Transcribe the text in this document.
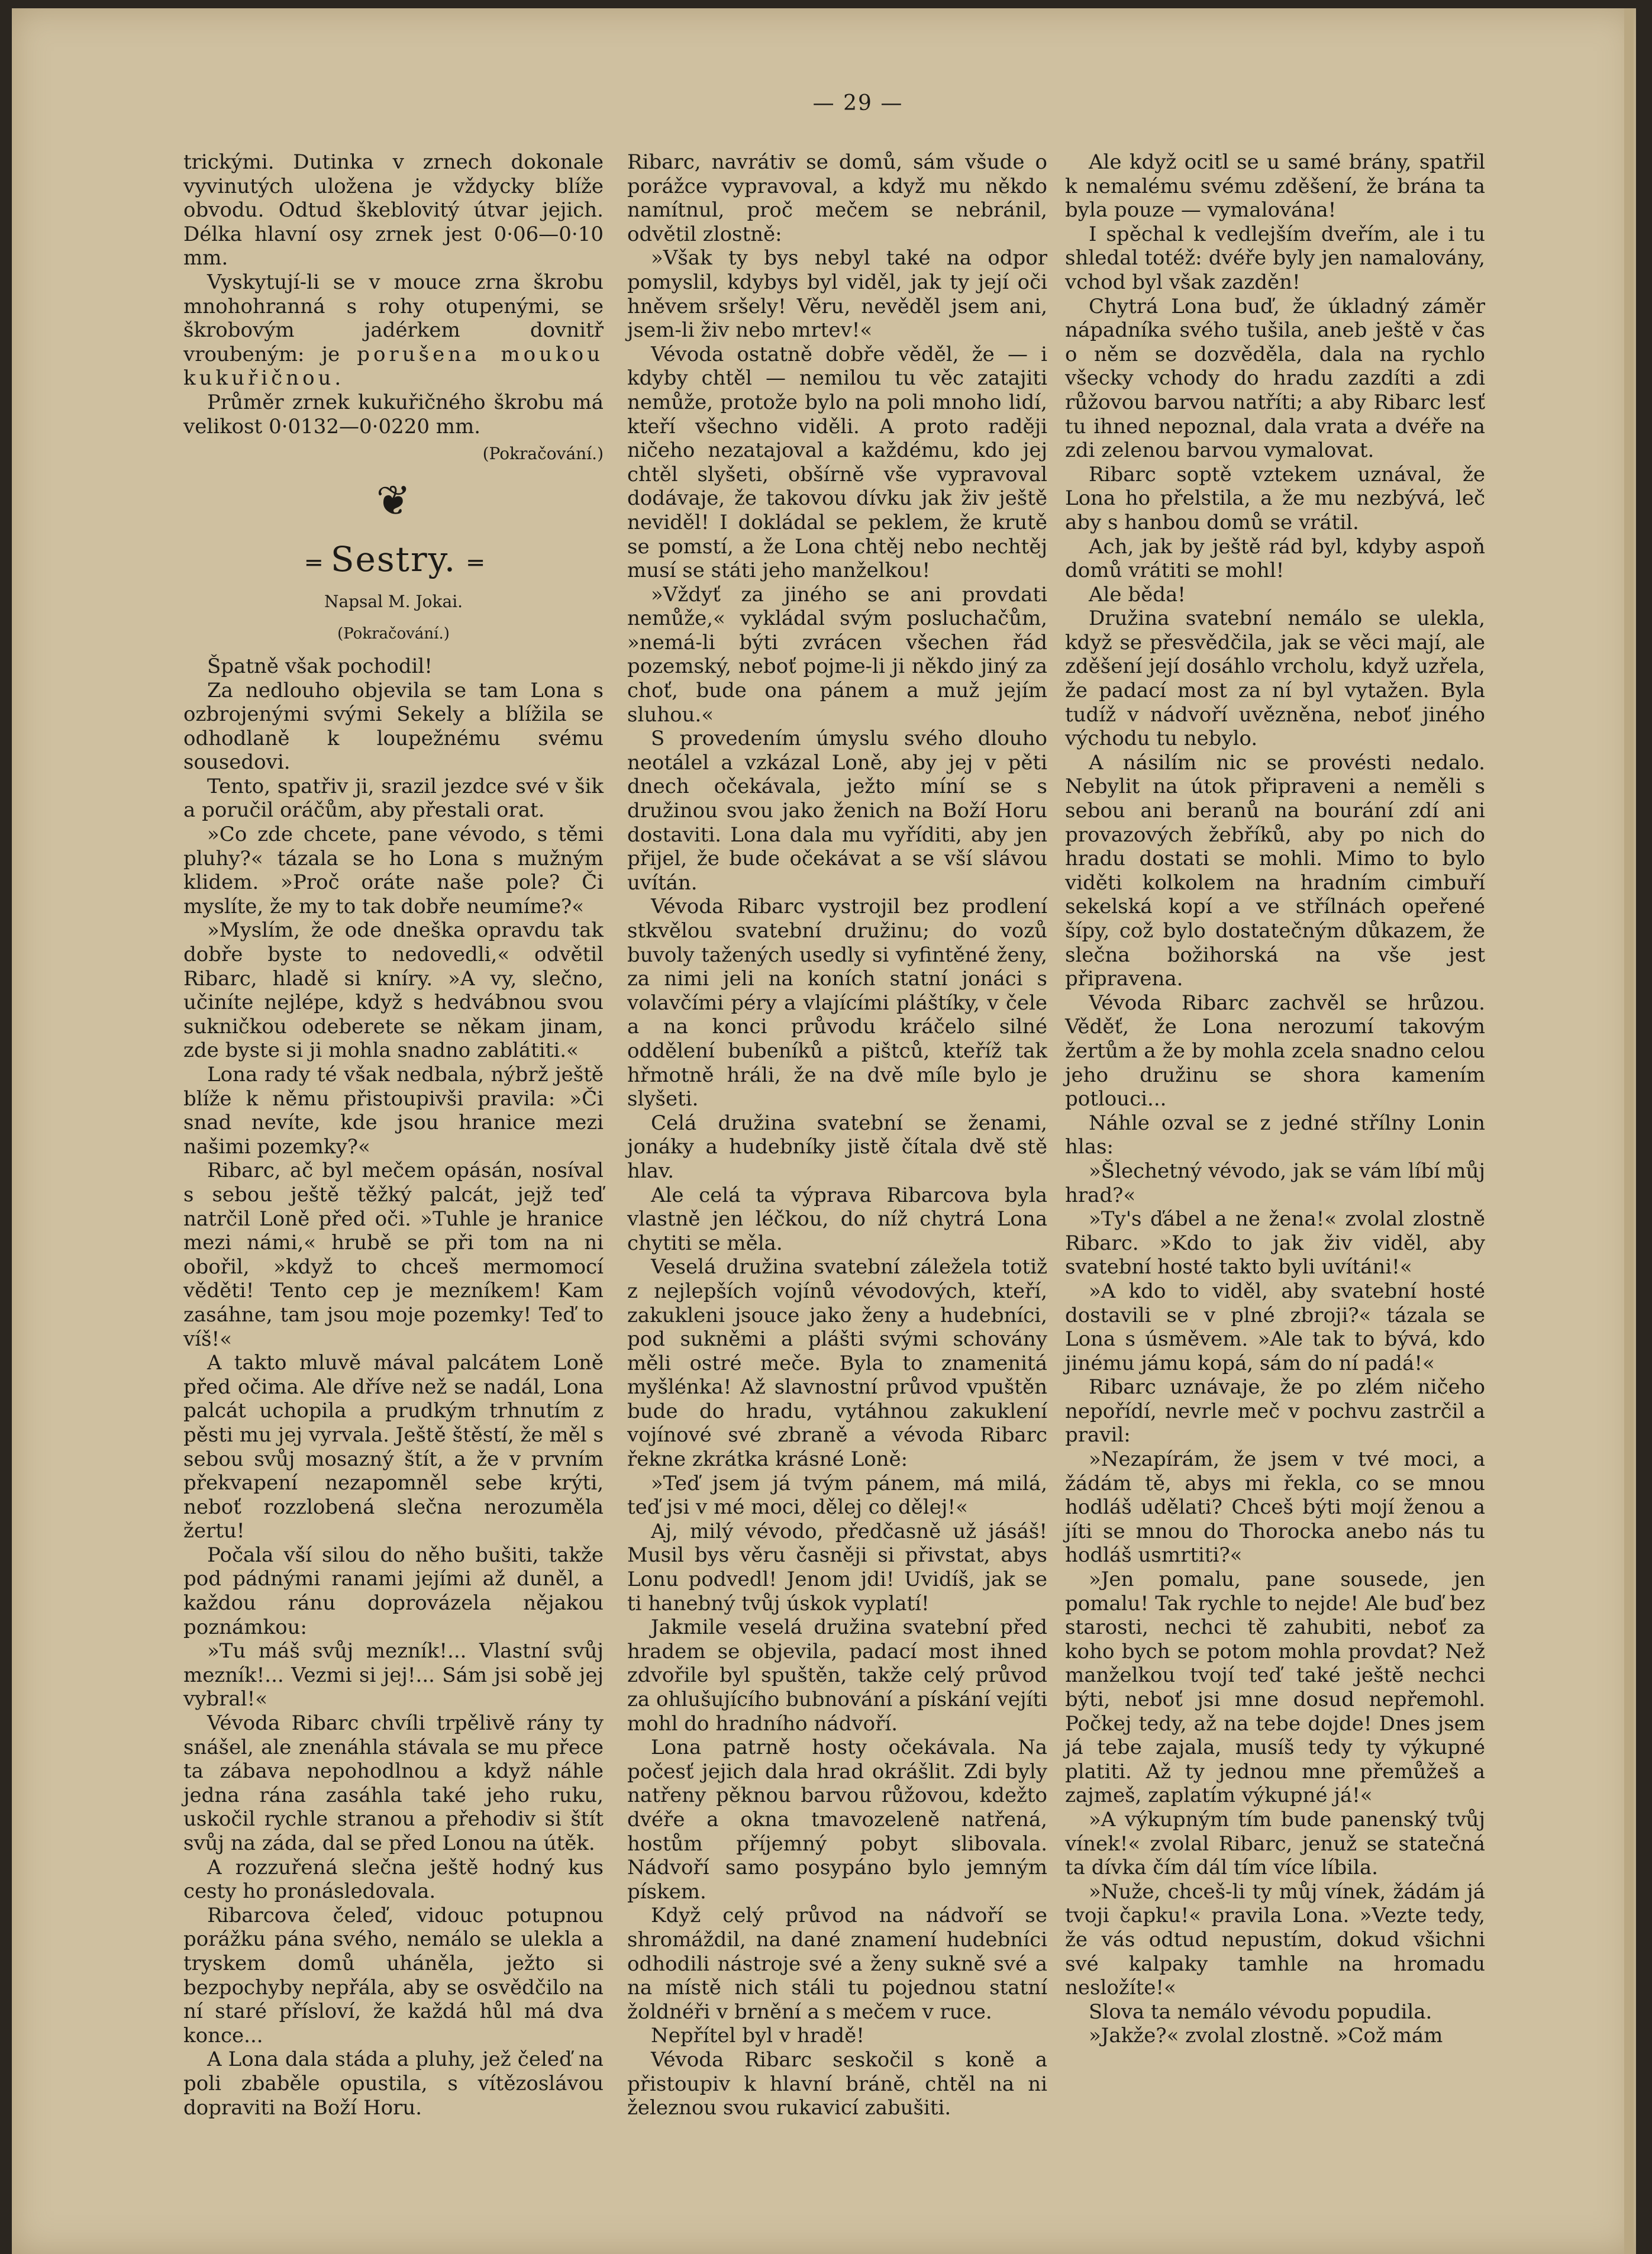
— 29 —

trickými. Dutinka v zrnech dokonale vyvinutých uložena je vždycky blíže obvodu. Odtud škeblovitý útvar jejich. Délka hlavní osy zrnek jest 0·06—0·10 mm.

Vyskytují-li se v mouce zrna škrobu mnohohranná s rohy otupenými, se škrobovým jadérkem dovnitř vroubeným: je porušena moukou kukuřičnou.

Průměr zrnek kukuřičného škrobu má velikost 0·0132—0·0220 mm.

(Pokračování.)
❦
═ Sestry. ═
Napsal M. Jokai.
(Pokračování.)

Špatně však pochodil!

Za nedlouho objevila se tam Lona s ozbrojenými svými Sekely a blížila se odhodlaně k loupežnému svému sousedovi.

Tento, spatřiv ji, srazil jezdce své v šik a poručil oráčům, aby přestali orat.

»Co zde chcete, pane vévodo, s těmi pluhy?« tázala se ho Lona s mužným klidem. »Proč oráte naše pole? Či myslíte, že my to tak dobře neumíme?«

»Myslím, že ode dneška opravdu tak dobře byste to nedovedli,« odvětil Ribarc, hladě si kníry. »A vy, slečno, učiníte nejlépe, když s hedvábnou svou sukničkou odeberete se někam jinam, zde byste si ji mohla snadno zablátiti.«

Lona rady té však nedbala, nýbrž ještě blíže k němu přistoupivši pravila: »Či snad nevíte, kde jsou hranice mezi našimi pozemky?«

Ribarc, ač byl mečem opásán, nosíval s sebou ještě těžký palcát, jejž teď natrčil Loně před oči. »Tuhle je hranice mezi námi,« hrubě se při tom na ni obořil, »když to chceš mermomocí věděti! Tento cep je mezníkem! Kam zasáhne, tam jsou moje pozemky! Teď to víš!«

A takto mluvě mával palcátem Loně před očima. Ale dříve než se nadál, Lona palcát uchopila a prudkým trhnutím z pěsti mu jej vyrvala. Ještě štěstí, že měl s sebou svůj mosazný štít, a že v prvním překvapení nezapomněl sebe krýti, neboť rozzlobená slečna nerozuměla žertu!

Počala vší silou do něho bušiti, takže pod pádnými ranami jejími až duněl, a každou ránu doprovázela nějakou poznámkou:

»Tu máš svůj mezník!... Vlastní svůj mezník!... Vezmi si jej!... Sám jsi sobě jej vybral!«

Vévoda Ribarc chvíli trpělivě rány ty snášel, ale znenáhla stávala se mu přece ta zábava nepohodlnou a když náhle jedna rána zasáhla také jeho ruku, uskočil rychle stranou a přehodiv si štít svůj na záda, dal se před Lonou na útěk.

A rozzuřená slečna ještě hodný kus cesty ho pronásledovala.

Ribarcova čeleď, vidouc potupnou porážku pána svého, nemálo se ulekla a tryskem domů uháněla, ježto si bezpochyby nepřála, aby se osvědčilo na ní staré přísloví, že každá hůl má dva konce...

A Lona dala stáda a pluhy, jež čeleď na poli zbaběle opustila, s vítězoslávou dopraviti na Boží Horu.

Ribarc, navrátiv se domů, sám všude o porážce vypravoval, a když mu někdo namítnul, proč mečem se nebránil, odvětil zlostně:

»Však ty bys nebyl také na odpor pomyslil, kdybys byl viděl, jak ty její oči hněvem sršely! Věru, nevěděl jsem ani, jsem-li živ nebo mrtev!«

Vévoda ostatně dobře věděl, že — i kdyby chtěl — nemilou tu věc zatajiti nemůže, protože bylo na poli mnoho lidí, kteří všechno viděli. A proto raději ničeho nezatajoval a každému, kdo jej chtěl slyšeti, obšírně vše vypravoval dodávaje, že takovou dívku jak živ ještě neviděl! I dokládal se peklem, že krutě se pomstí, a že Lona chtěj nebo nechtěj musí se státi jeho manželkou!

»Vždyť za jiného se ani provdati nemůže,« vykládal svým posluchačům, »nemá-li býti zvrácen všechen řád pozemský, neboť pojme-li ji někdo jiný za choť, bude ona pánem a muž jejím sluhou.«

S provedením úmyslu svého dlouho neotálel a vzkázal Loně, aby jej v pěti dnech očekávala, ježto míní se s družinou svou jako ženich na Boží Horu dostaviti. Lona dala mu vyříditi, aby jen přijel, že bude očekávat a se vší slávou uvítán.

Vévoda Ribarc vystrojil bez prodlení stkvělou svatební družinu; do vozů buvoly tažených usedly si vyfintěné ženy, za nimi jeli na koních statní jonáci s volavčími péry a vlajícími pláštíky, v čele a na konci průvodu kráčelo silné oddělení bubeníků a pištců, kteříž tak hřmotně hráli, že na dvě míle bylo je slyšeti.

Celá družina svatební se ženami, jonáky a hudebníky jistě čítala dvě stě hlav.

Ale celá ta výprava Ribarcova byla vlastně jen léčkou, do níž chytrá Lona chytiti se měla.

Veselá družina svatební záležela totiž z nejlepších vojínů vévodových, kteří, zakukleni jsouce jako ženy a hudebníci, pod sukněmi a plášti svými schovány měli ostré meče. Byla to znamenitá myšlénka! Až slavnostní průvod vpuštěn bude do hradu, vytáhnou zakuklení vojínové své zbraně a vévoda Ribarc řekne zkrátka krásné Loně:

»Teď jsem já tvým pánem, má milá, teď jsi v mé moci, dělej co dělej!«

Aj, milý vévodo, předčasně už jásáš! Musil bys věru časněji si přivstat, abys Lonu podvedl! Jenom jdi! Uvidíš, jak se ti hanebný tvůj úskok vyplatí!

Jakmile veselá družina svatební před hradem se objevila, padací most ihned zdvořile byl spuštěn, takže celý průvod za ohlušujícího bubnování a pískání vejíti mohl do hradního nádvoří.

Lona patrně hosty očekávala. Na počesť jejich dala hrad okrášlit. Zdi byly natřeny pěknou barvou růžovou, kdežto dvéře a okna tmavozeleně natřená, hostům příjemný pobyt slibovala. Nádvoří samo posypáno bylo jemným pískem.

Když celý průvod na nádvoří se shromáždil, na dané znamení hudebníci odhodili nástroje své a ženy sukně své a na místě nich stáli tu pojednou statní žoldnéři v brnění a s mečem v ruce.

Nepřítel byl v hradě!

Vévoda Ribarc seskočil s koně a přistoupiv k hlavní bráně, chtěl na ni železnou svou rukavicí zabušiti.

Ale když ocitl se u samé brány, spatřil k nemalému svému zděšení, že brána ta byla pouze — vymalována!

I spěchal k vedlejším dveřím, ale i tu shledal totéž: dvéře byly jen namalovány, vchod byl však zazděn!

Chytrá Lona buď, že úkladný záměr nápadníka svého tušila, aneb ještě v čas o něm se dozvěděla, dala na rychlo všecky vchody do hradu zazdíti a zdi růžovou barvou natříti; a aby Ribarc lesť tu ihned nepoznal, dala vrata a dvéře na zdi zelenou barvou vymalovat.

Ribarc soptě vztekem uznával, že Lona ho přelstila, a že mu nezbývá, leč aby s hanbou domů se vrátil.

Ach, jak by ještě rád byl, kdyby aspoň domů vrátiti se mohl!

Ale běda!

Družina svatební nemálo se ulekla, když se přesvědčila, jak se věci mají, ale zděšení její dosáhlo vrcholu, když uzřela, že padací most za ní byl vytažen. Byla tudíž v nádvoří uvězněna, neboť jiného východu tu nebylo.

A násilím nic se provésti nedalo. Nebylit na útok připraveni a neměli s sebou ani beranů na bourání zdí ani provazových žebříků, aby po nich do hradu dostati se mohli. Mimo to bylo viděti kolkolem na hradním cimbuří sekelská kopí a ve střílnách opeřené šípy, což bylo dostatečným důkazem, že slečna božihorská na vše jest připravena.

Vévoda Ribarc zachvěl se hrůzou. Věděť, že Lona nerozumí takovým žertům a že by mohla zcela snadno celou jeho družinu se shora kamením potlouci...

Náhle ozval se z jedné střílny Lonin hlas:

»Šlechetný vévodo, jak se vám líbí můj hrad?«

»Ty's ďábel a ne žena!« zvolal zlostně Ribarc. »Kdo to jak živ viděl, aby svatební hosté takto byli uvítáni!«

»A kdo to viděl, aby svatební hosté dostavili se v plné zbroji?« tázala se Lona s úsměvem. »Ale tak to bývá, kdo jinému jámu kopá, sám do ní padá!«

Ribarc uznávaje, že po zlém ničeho nepořídí, nevrle meč v pochvu zastrčil a pravil:

»Nezapírám, že jsem v tvé moci, a žádám tě, abys mi řekla, co se mnou hodláš udělati? Chceš býti mojí ženou a jíti se mnou do Thorocka anebo nás tu hodláš usmrtiti?«

»Jen pomalu, pane sousede, jen pomalu! Tak rychle to nejde! Ale buď bez starosti, nechci tě zahubiti, neboť za koho bych se potom mohla provdat? Než manželkou tvojí teď také ještě nechci býti, neboť jsi mne dosud nepřemohl. Počkej tedy, až na tebe dojde! Dnes jsem já tebe zajala, musíš tedy ty výkupné platiti. Až ty jednou mne přemůžeš a zajmeš, zaplatím výkupné já!«

»A výkupným tím bude panenský tvůj vínek!« zvolal Ribarc, jenuž se statečná ta dívka čím dál tím více líbila.

»Nuže, chceš-li ty můj vínek, žádám já tvoji čapku!« pravila Lona. »Vezte tedy, že vás odtud nepustím, dokud všichni své kalpaky tamhle na hromadu nesložíte!«

Slova ta nemálo vévodu popudila.

»Jakže?« zvolal zlostně. »Což mám
